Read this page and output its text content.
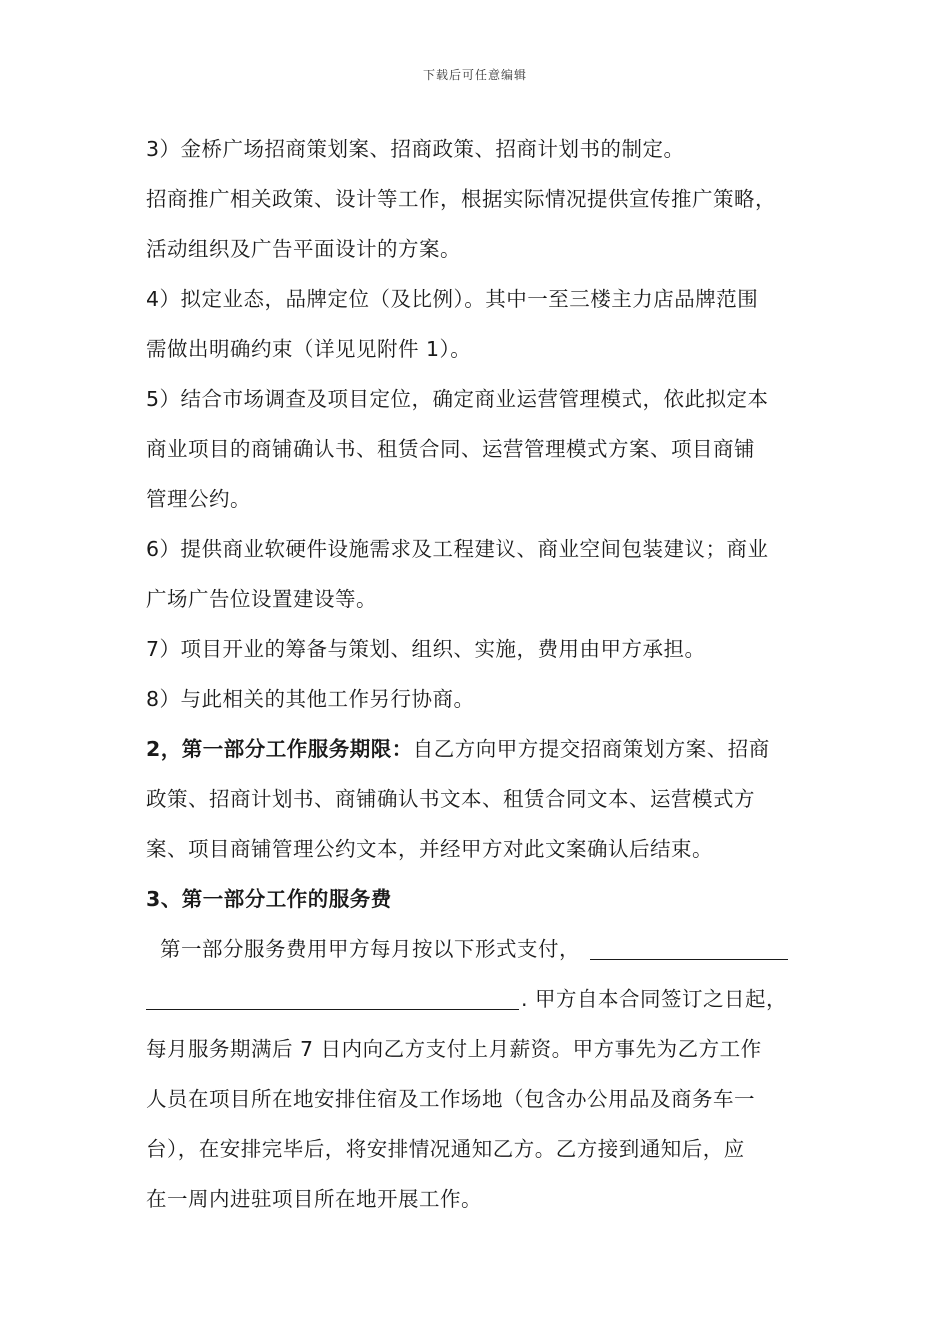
下载后可任意编辑
3）金桥广场招商策划案、招商政策、招商计划书的制定。
招商推广相关政策、设计等工作，根据实际情况提供宣传推广策略，
活动组织及广告平面设计的方案。
4）拟定业态，品牌定位（及比例）。其中一至三楼主力店品牌范围
需做出明确约束（详见见附件 1）。
5）结合市场调查及项目定位，确定商业运营管理模式，依此拟定本
商业项目的商铺确认书、租赁合同、运营管理模式方案、项目商铺
管理公约。
6）提供商业软硬件设施需求及工程建议、商业空间包装建议；商业
广场广告位设置建设等。
7）项目开业的筹备与策划、组织、实施，费用由甲方承担。
8）与此相关的其他工作另行协商。
2，第一部分工作服务期限：自乙方向甲方提交招商策划方案、招商
政策、招商计划书、商铺确认书文本、租赁合同文本、运营模式方
案、项目商铺管理公约文本，并经甲方对此文案确认后结束。
3、第一部分工作的服务费
第一部分服务费用甲方每月按以下形式支付，
. 甲方自本合同签订之日起，
每月服务期满后 7 日内向乙方支付上月薪资。甲方事先为乙方工作
人员在项目所在地安排住宿及工作场地（包含办公用品及商务车一
台），在安排完毕后，将安排情况通知乙方。乙方接到通知后，应
在一周内进驻项目所在地开展工作。
